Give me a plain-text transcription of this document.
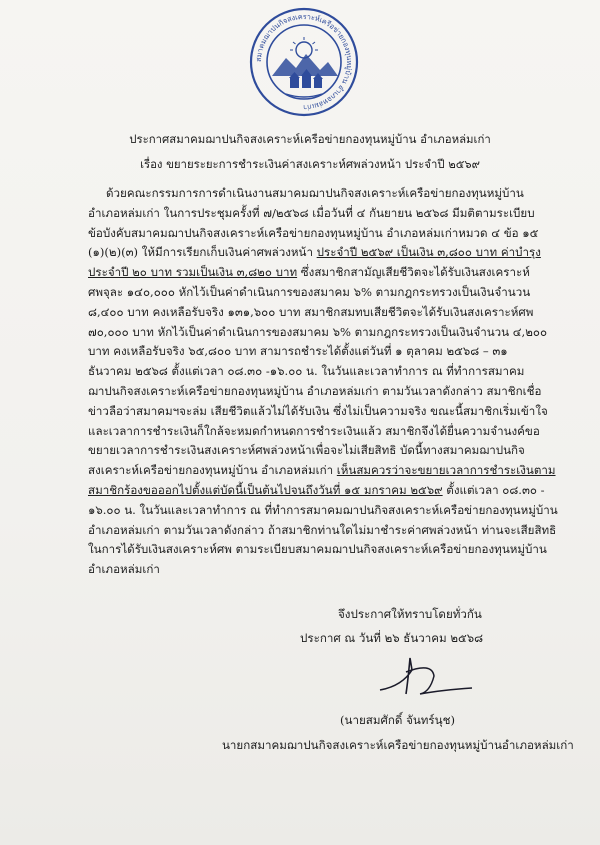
สมาคมฌาปนกิจสงเคราะห์เครือข่ายกองทุนหมู่บ้าน อำเภอหล่มเก่า
ประกาศสมาคมฌาปนกิจสงเคราะห์เครือข่ายกองทุนหมู่บ้าน อำเภอหล่มเก่า
เรื่อง ขยายระยะการชำระเงินค่าสงเคราะห์ศพล่วงหน้า ประจำปี ๒๕๖๙
ด้วยคณะกรรมการการดำเนินงานสมาคมฌาปนกิจสงเคราะห์เครือข่ายกองทุนหมู่บ้าน
อำเภอหล่มเก่า ในการประชุมครั้งที่ ๗/๒๕๖๘ เมื่อวันที่ ๔ กันยายน ๒๕๖๘ มีมติตามระเบียบ
ข้อบังคับสมาคมฌาปนกิจสงเคราะห์เครือข่ายกองทุนหมู่บ้าน อำเภอหล่มเก่าหมวด ๔ ข้อ ๑๕
(๑)(๒)(๓) ให้มีการเรียกเก็บเงินค่าศพล่วงหน้า ประจำปี ๒๕๖๙ เป็นเงิน ๓,๘๐๐ บาท ค่าบำรุง
ประจำปี ๒๐ บาท รวมเป็นเงิน ๓,๘๒๐ บาท ซึ่งสมาชิกสามัญเสียชีวิตจะได้รับเงินสงเคราะห์
ศพจุละ ๑๔๐,๐๐๐ หักไว้เป็นค่าดำเนินการของสมาคม ๖% ตามกฎกระทรวงเป็นเงินจำนวน
๘,๔๐๐ บาท คงเหลือรับจริง ๑๓๑,๖๐๐ บาท สมาชิกสมทบเสียชีวิตจะได้รับเงินสงเคราะห์ศพ
๗๐,๐๐๐ บาท หักไว้เป็นค่าดำเนินการของสมาคม ๖% ตามกฎกระทรวงเป็นเงินจำนวน ๔,๒๐๐
บาท คงเหลือรับจริง ๖๕,๘๐๐ บาท สามารถชำระได้ตั้งแต่วันที่ ๑ ตุลาคม ๒๕๖๘ – ๓๑
ธันวาคม ๒๕๖๘ ตั้งแต่เวลา ๐๘.๓๐ -๑๖.๐๐ น. ในวันและเวลาทำการ ณ ที่ทำการสมาคม
ฌาปนกิจสงเคราะห์เครือข่ายกองทุนหมู่บ้าน อำเภอหล่มเก่า ตามวันเวลาดังกล่าว สมาชิกเชื่อ
ข่าวลือว่าสมาคมฯจะล่ม เสียชีวิตแล้วไม่ได้รับเงิน ซึ่งไม่เป็นความจริง ขณะนี้สมาชิกเริ่มเข้าใจ
และเวลาการชำระเงินก็ใกล้จะหมดกำหนดการชำระเงินแล้ว สมาชิกจึงได้ยื่นความจำนงค์ขอ
ขยายเวลาการชำระเงินสงเคราะห์ศพล่วงหน้าเพื่อจะไม่เสียสิทธิ บัดนี้ทางสมาคมฌาปนกิจ
สงเคราะห์เครือข่ายกองทุนหมู่บ้าน อำเภอหล่มเก่า เห็นสมควรว่าจะขยายเวลาการชำระเงินตาม
สมาชิกร้องขอออกไปตั้งแต่บัดนี้เป็นต้นไปจนถึงวันที่ ๑๕ มกราคม ๒๕๖๙ ตั้งแต่เวลา ๐๘.๓๐ -
๑๖.๐๐ น. ในวันและเวลาทำการ ณ ที่ทำการสมาคมฌาปนกิจสงเคราะห์เครือข่ายกองทุนหมู่บ้าน
อำเภอหล่มเก่า ตามวันเวลาดังกล่าว ถ้าสมาชิกท่านใดไม่มาชำระค่าศพล่วงหน้า ท่านจะเสียสิทธิ
ในการได้รับเงินสงเคราะห์ศพ ตามระเบียบสมาคมฌาปนกิจสงเคราะห์เครือข่ายกองทุนหมู่บ้าน
อำเภอหล่มเก่า
จึงประกาศให้ทราบโดยทั่วกัน
ประกาศ ณ วันที่ ๒๖ ธันวาคม ๒๕๖๘
(นายสมศักดิ์ จันทร์นุช)
นายกสมาคมฌาปนกิจสงเคราะห์เครือข่ายกองทุนหมู่บ้านอำเภอหล่มเก่า
